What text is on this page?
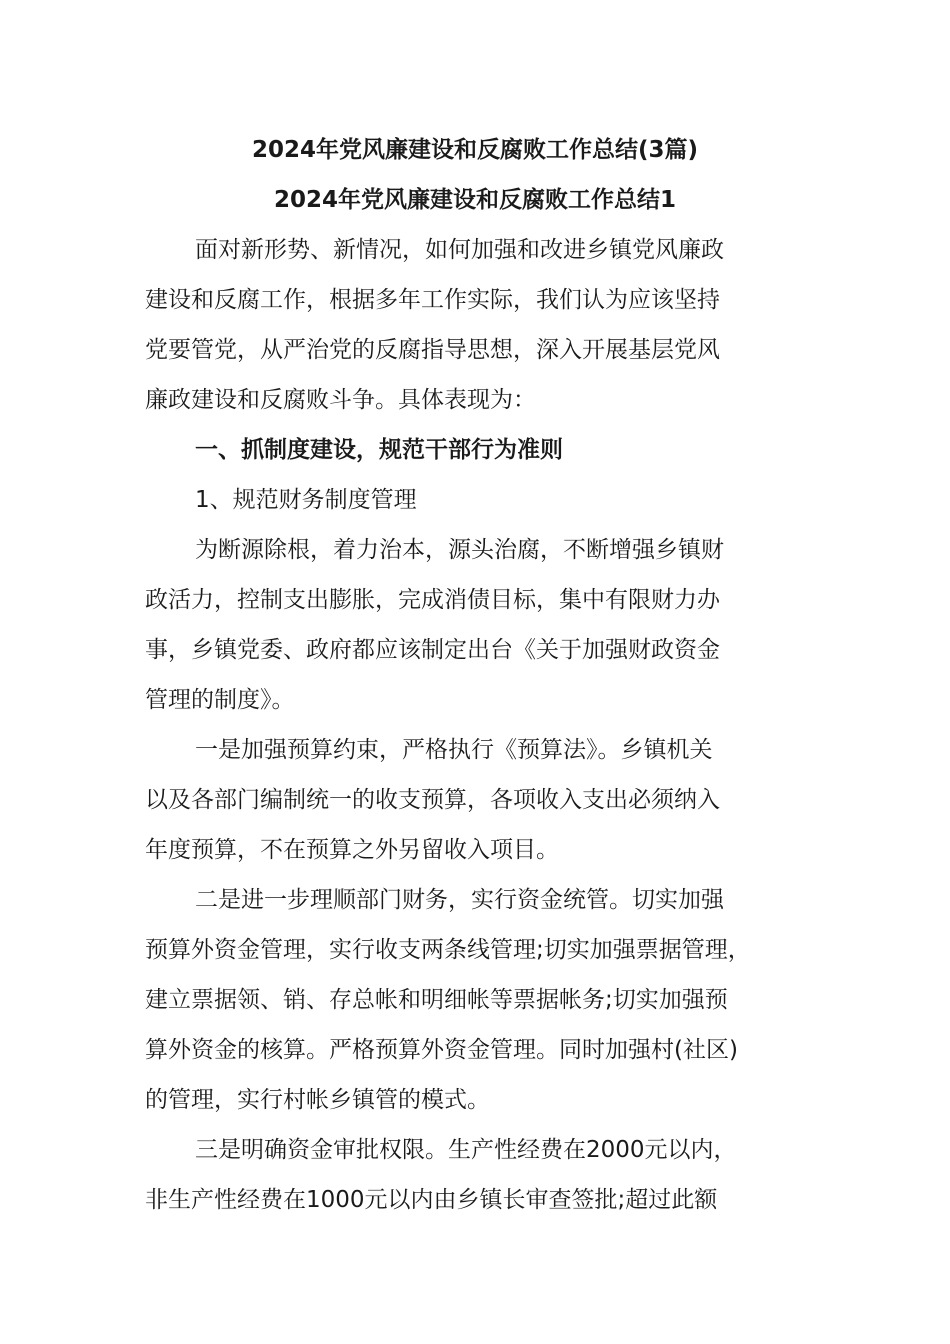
2024年党风廉建设和反腐败工作总结(3篇)
2024年党风廉建设和反腐败工作总结1
面对新形势、新情况，如何加强和改进乡镇党风廉政
建设和反腐工作，根据多年工作实际，我们认为应该坚持
党要管党，从严治党的反腐指导思想，深入开展基层党风
廉政建设和反腐败斗争。具体表现为：
一、抓制度建设，规范干部行为准则
1、规范财务制度管理
为断源除根，着力治本，源头治腐，不断增强乡镇财
政活力，控制支出膨胀，完成消债目标，集中有限财力办
事，乡镇党委、政府都应该制定出台《关于加强财政资金
管理的制度》。
一是加强预算约束，严格执行《预算法》。乡镇机关
以及各部门编制统一的收支预算，各项收入支出必须纳入
年度预算，不在预算之外另留收入项目。
二是进一步理顺部门财务，实行资金统管。切实加强
预算外资金管理，实行收支两条线管理;切实加强票据管理，
建立票据领、销、存总帐和明细帐等票据帐务;切实加强预
算外资金的核算。严格预算外资金管理。同时加强村(社区)
的管理，实行村帐乡镇管的模式。
三是明确资金审批权限。生产性经费在2000元以内，
非生产性经费在1000元以内由乡镇长审查签批;超过此额
